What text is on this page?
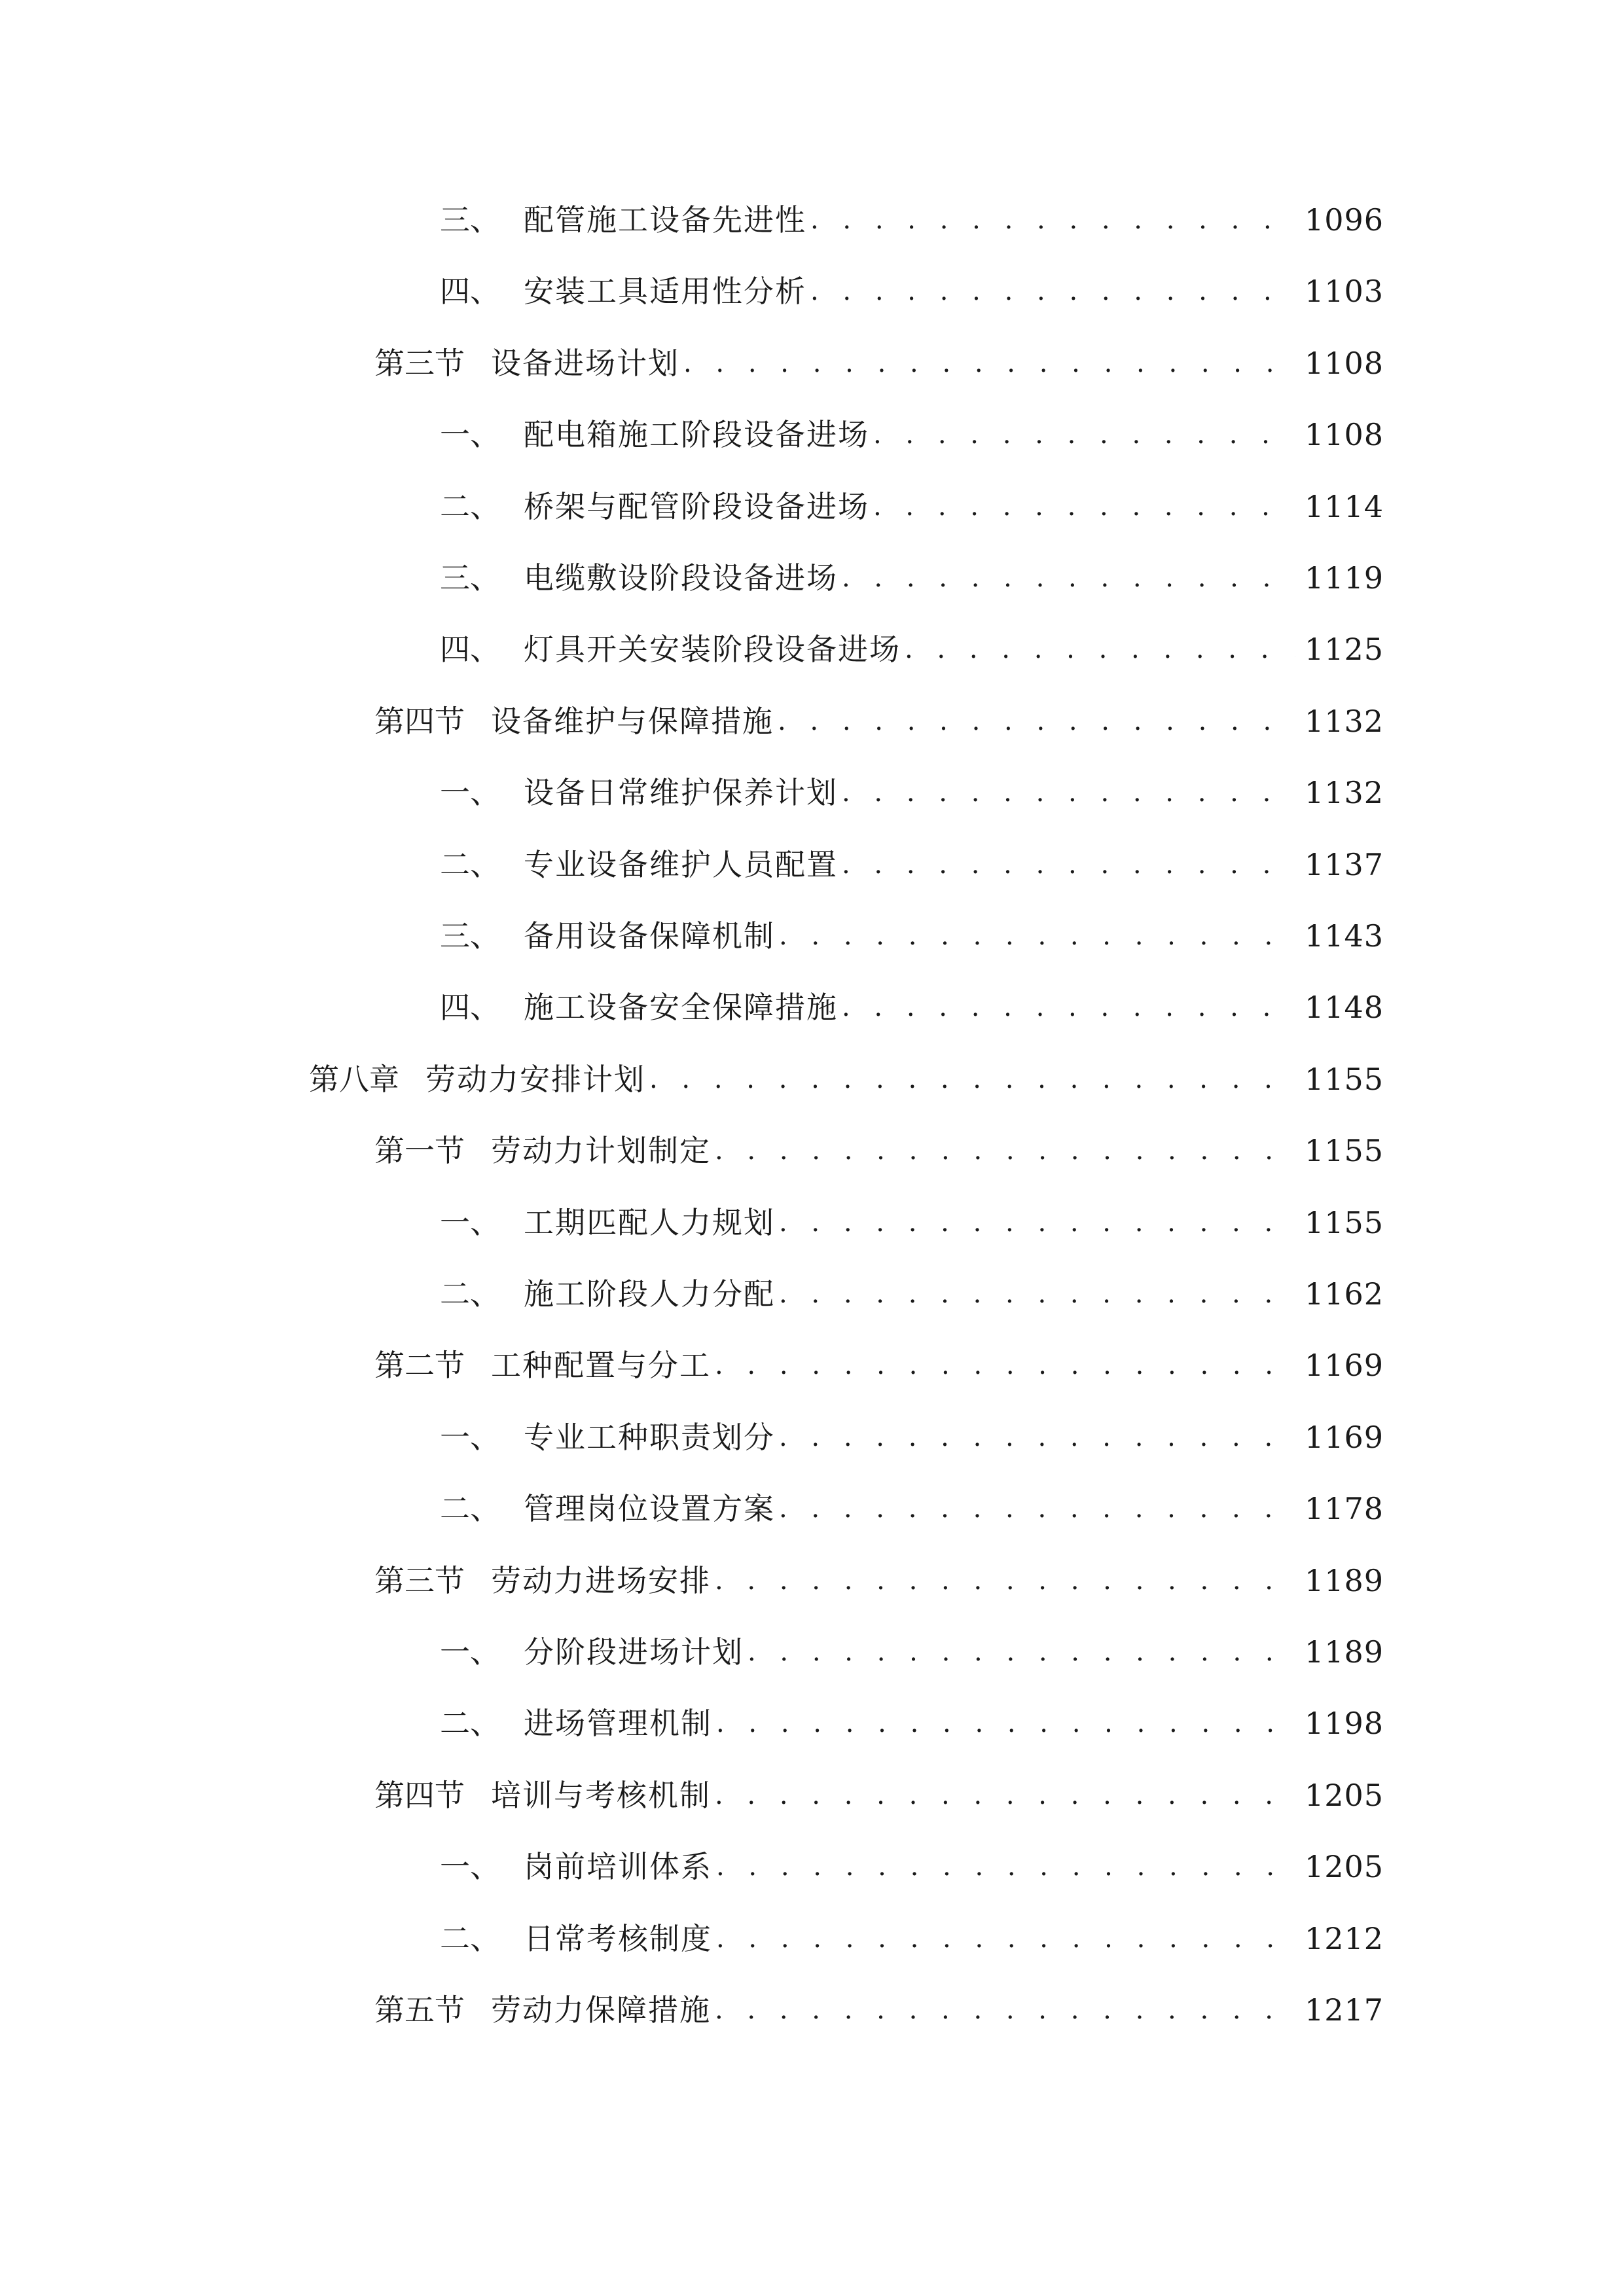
三、 配管施工设备先进性 . . .	1096
四、 安装工具适用性分析 . . .	1103
第三节 设备进场计划 . . .	1108
一、 配电箱施工阶段设备进场 . . .	1108
二、 桥架与配管阶段设备进场 . . .	1114
三、 电缆敷设阶段设备进场 . . .	1119
四、 灯具开关安装阶段设备进场 . . .	1125
第四节 设备维护与保障措施 . . .	1132
一、 设备日常维护保养计划 . . .	1132
二、 专业设备维护人员配置 . . .	1137
三、 备用设备保障机制 . . .	1143
四、 施工设备安全保障措施 . . .	1148
第八章 劳动力安排计划 . . .	1155
第一节 劳动力计划制定 . . .	1155
一、 工期匹配人力规划 . . .	1155
二、 施工阶段人力分配 . . .	1162
第二节 工种配置与分工 . . .	1169
一、 专业工种职责划分 . . .	1169
二、 管理岗位设置方案 . . .	1178
第三节 劳动力进场安排 . . .	1189
一、 分阶段进场计划 . . .	1189
二、 进场管理机制 . . .	1198
第四节 培训与考核机制 . . .	1205
一、 岗前培训体系 . . .	1205
二、 日常考核制度 . . .	1212
第五节 劳动力保障措施 . . .	1217
